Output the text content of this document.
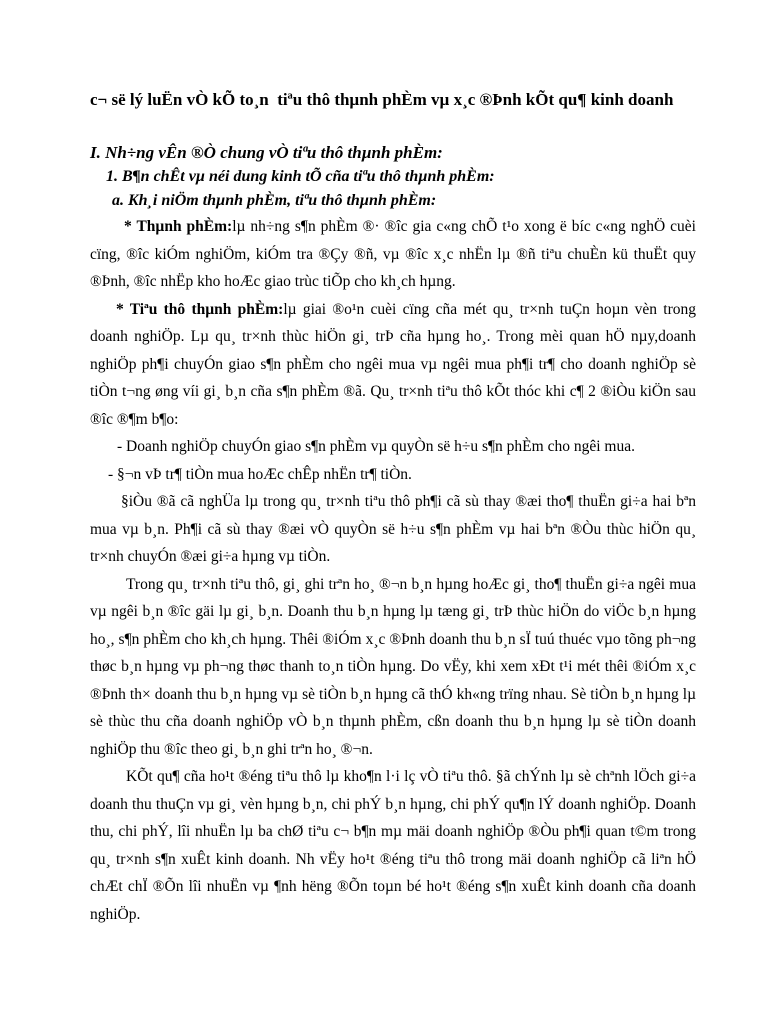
c¬ së lý luËn vÒ kÕ to¸n  tiªu thô thµnh phÈm vµ x¸c ®Þnh kÕt qu¶ kinh doanh

I. Nh÷ng vÊn ®Ò chung vÒ tiªu thô thµnh phÈm:

1. B¶n chÊt vµ néi dung kinh tÕ cña tiªu thô thµnh phÈm:

a. Kh¸i niÖm thµnh phÈm, tiªu thô thµnh phÈm:

* Thµnh phÈm:lµ nh÷ng s¶n phÈm ®· ®îc gia c«ng chÕ t¹o xong ë bíc c«ng nghÖ cuèi cïng, ®îc kiÓm nghiÖm, kiÓm tra ®Çy ®ñ, vµ ®îc x¸c nhËn lµ ®ñ tiªu chuÈn kü thuËt quy ®Þnh, ®îc nhËp kho hoÆc giao trùc tiÕp cho kh¸ch hµng.

* Tiªu thô thµnh phÈm:lµ giai ®o¹n cuèi cïng cña mét qu¸ tr×nh tuÇn hoµn vèn trong doanh nghiÖp. Lµ qu¸ tr×nh thùc hiÖn gi¸ trÞ cña hµng ho¸. Trong mèi quan hÖ nµy,doanh nghiÖp ph¶i chuyÓn giao s¶n phÈm cho ngêi mua vµ ngêi mua ph¶i tr¶ cho doanh nghiÖp sè tiÒn t¬ng øng víi gi¸ b¸n cña s¶n phÈm ®ã. Qu¸ tr×nh tiªu thô kÕt thóc khi c¶ 2 ®iÒu kiÖn sau ®îc ®¶m b¶o:

- Doanh nghiÖp chuyÓn giao s¶n phÈm vµ quyÒn së h÷u s¶n phÈm cho ngêi mua.

- §¬n vÞ tr¶ tiÒn mua hoÆc chÊp nhËn tr¶ tiÒn.

§iÒu ®ã cã nghÜa lµ trong qu¸ tr×nh tiªu thô ph¶i cã sù thay ®æi tho¶ thuËn gi÷a hai bªn mua vµ b¸n. Ph¶i cã sù thay ®æi vÒ quyÒn së h÷u s¶n phÈm vµ hai bªn ®Òu thùc hiÖn qu¸ tr×nh chuyÓn ®æi gi÷a hµng vµ tiÒn.

Trong qu¸ tr×nh tiªu thô, gi¸ ghi trªn ho¸ ®¬n b¸n hµng hoÆc gi¸ tho¶ thuËn gi÷a ngêi mua vµ ngêi b¸n ®îc gäi lµ gi¸ b¸n. Doanh thu b¸n hµng lµ tæng gi¸ trÞ thùc hiÖn do viÖc b¸n hµng ho¸, s¶n phÈm cho kh¸ch hµng. Thêi ®iÓm x¸c ®Þnh doanh thu b¸n sÏ tuú thuéc vµo tõng ph¬ng thøc b¸n hµng vµ ph¬ng thøc thanh to¸n tiÒn hµng. Do vËy, khi xem xÐt t¹i mét thêi ®iÓm x¸c ®Þnh th× doanh thu b¸n hµng vµ sè tiÒn b¸n hµng cã thÓ kh«ng trïng nhau. Sè tiÒn b¸n hµng lµ sè thùc thu cña doanh nghiÖp vÒ b¸n thµnh phÈm, cßn doanh thu b¸n hµng lµ sè tiÒn doanh nghiÖp thu ®îc theo gi¸ b¸n ghi trªn ho¸ ®¬n.

KÕt qu¶ cña ho¹t ®éng tiªu thô lµ kho¶n l·i lç vÒ tiªu thô. §ã chÝnh lµ sè chªnh lÖch gi÷a doanh thu thuÇn vµ gi¸ vèn hµng b¸n, chi phÝ b¸n hµng, chi phÝ qu¶n lÝ doanh nghiÖp. Doanh thu, chi phÝ, lîi nhuËn lµ ba chØ tiªu c¬ b¶n mµ mäi doanh nghiÖp ®Òu ph¶i quan t©m trong qu¸ tr×nh s¶n xuÊt kinh doanh. Nh vËy ho¹t ®éng tiªu thô trong mäi doanh nghiÖp cã liªn hÖ chÆt chÏ ®Õn lîi nhuËn vµ ¶nh hëng ®Õn toµn bé ho¹t ®éng s¶n xuÊt kinh doanh cña doanh nghiÖp.
